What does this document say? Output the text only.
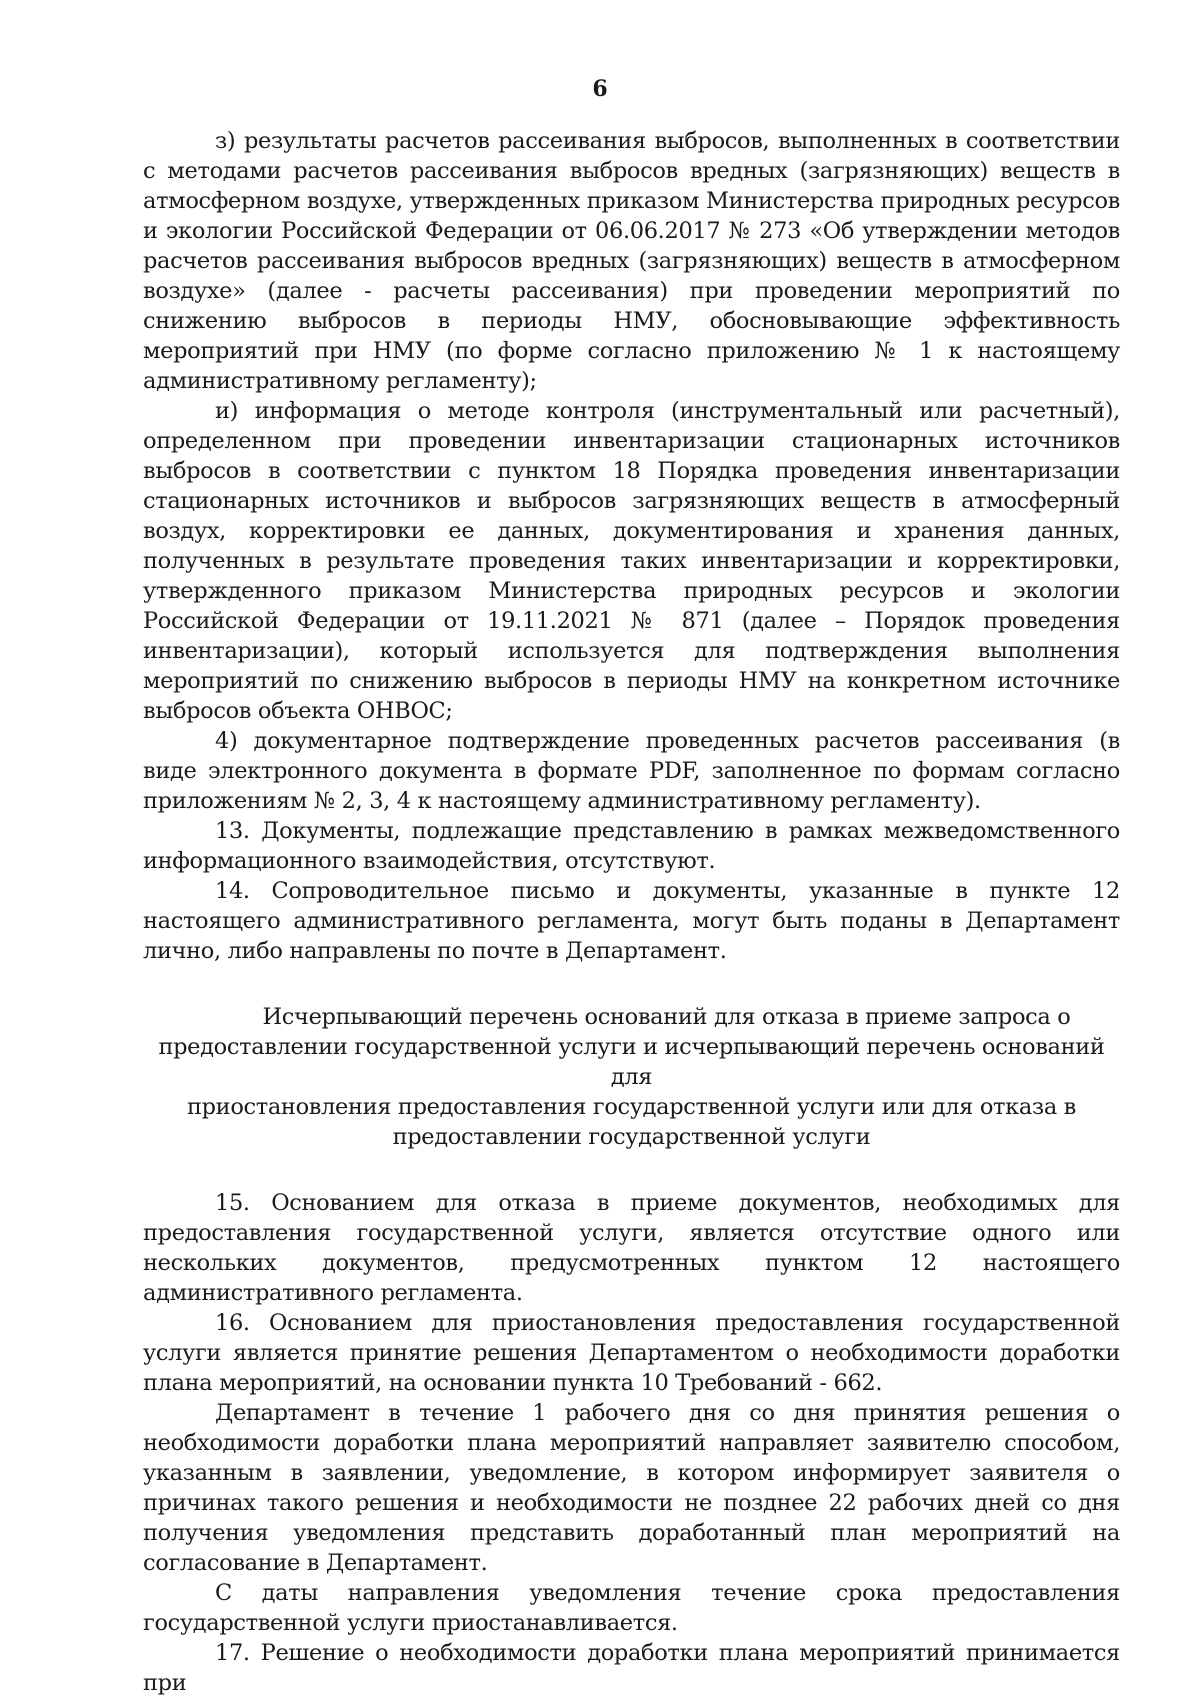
6

з) результаты расчетов рассеивания выбросов, выполненных в соответствии с методами расчетов рассеивания выбросов вредных (загрязняющих) веществ в атмосферном воздухе, утвержденных приказом Министерства природных ресурсов и экологии Российской Федерации от 06.06.2017 № 273 «Об утверждении методов расчетов рассеивания выбросов вредных (загрязняющих) веществ в атмосферном воздухе» (далее - расчеты рассеивания) при проведении мероприятий по снижению выбросов в периоды НМУ, обосновывающие эффективность мероприятий при НМУ (по форме согласно приложению № 1 к настоящему административному регламенту);

и) информация о методе контроля (инструментальный или расчетный), определенном при проведении инвентаризации стационарных источников выбросов в соответствии с пунктом 18 Порядка проведения инвентаризации стационарных источников и выбросов загрязняющих веществ в атмосферный воздух, корректировки ее данных, документирования и хранения данных, полученных в результате проведения таких инвентаризации и корректировки, утвержденного приказом Министерства природных ресурсов и экологии Российской Федерации от 19.11.2021 № 871 (далее – Порядок проведения инвентаризации), который используется для подтверждения выполнения мероприятий по снижению выбросов в периоды НМУ на конкретном источнике выбросов объекта ОНВОС;

4) документарное подтверждение проведенных расчетов рассеивания (в виде электронного документа в формате PDF, заполненное по формам согласно приложениям № 2, 3, 4 к настоящему административному регламенту).

13. Документы, подлежащие представлению в рамках межведомственного информационного взаимодействия, отсутствуют.

14. Сопроводительное письмо и документы, указанные в пункте 12 настоящего административного регламента, могут быть поданы в Департамент лично, либо направлены по почте в Департамент.

Исчерпывающий перечень оснований для отказа в приеме запроса о
предоставлении государственной услуги и исчерпывающий перечень оснований для
приостановления предоставления государственной услуги или для отказа в
предоставлении государственной услуги

15. Основанием для отказа в приеме документов, необходимых для предоставления государственной услуги, является отсутствие одного или нескольких документов, предусмотренных пунктом 12 настоящего административного регламента.

16. Основанием для приостановления предоставления государственной услуги является принятие решения Департаментом о необходимости доработки плана мероприятий, на основании пункта 10 Требований - 662.

Департамент в течение 1 рабочего дня со дня принятия решения о необходимости доработки плана мероприятий направляет заявителю способом, указанным в заявлении, уведомление, в котором информирует заявителя о причинах такого решения и необходимости не позднее 22 рабочих дней со дня получения уведомления представить доработанный план мероприятий на согласование в Департамент.

С даты направления уведомления течение срока предоставления государственной услуги приостанавливается.

17. Решение о необходимости доработки плана мероприятий принимается при
